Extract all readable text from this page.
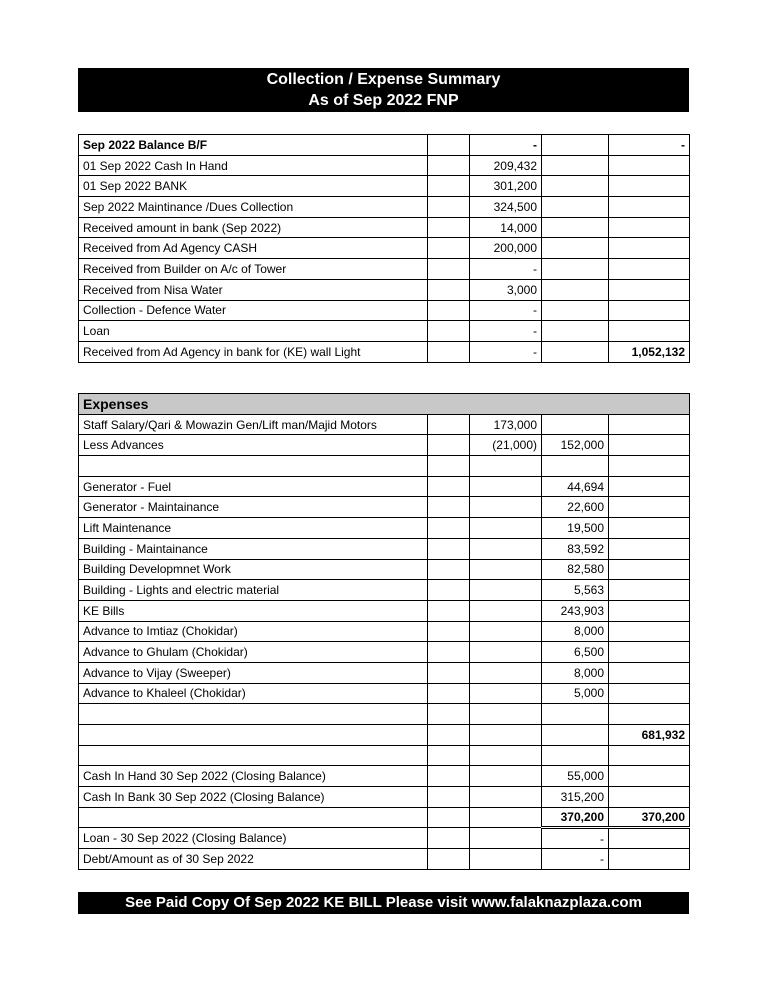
Collection / Expense Summary
As of Sep 2022 FNP
Sep 2022 Balance B/F		-		-
01 Sep 2022 Cash In Hand		209,432		
01 Sep 2022 BANK		301,200		
Sep 2022 Maintinance /Dues Collection		324,500		
Received amount in bank (Sep 2022)		14,000		
Received from Ad Agency CASH		200,000		
Received from Builder on A/c of Tower		-		
Received from Nisa Water		3,000		
Collection - Defence Water		-		
Loan		-		
Received from Ad Agency in bank for (KE) wall Light		-		1,052,132
Expenses				
Staff Salary/Qari & Mowazin Gen/Lift man/Majid Motors		173,000		
Less Advances		(21,000)	152,000	

Generator - Fuel			44,694	
Generator - Maintainance			22,600	
Lift Maintenance			19,500	
Building - Maintainance			83,592	
Building Developmnet Work			82,580	
Building - Lights and electric material			5,563	
KE Bills			243,903	
Advance to Imtiaz (Chokidar)			8,000	
Advance to Ghulam (Chokidar)			6,500	
Advance to Vijay (Sweeper)			8,000	
Advance to Khaleel (Chokidar)			5,000	

				681,932

Cash In Hand 30 Sep 2022 (Closing Balance)			55,000	
Cash In Bank 30 Sep 2022 (Closing Balance)			315,200	
			370,200	370,200
Loan - 30 Sep 2022 (Closing Balance)			-	
Debt/Amount as of 30 Sep 2022			-	
See Paid Copy Of Sep 2022 KE BILL Please visit www.falaknazplaza.com
